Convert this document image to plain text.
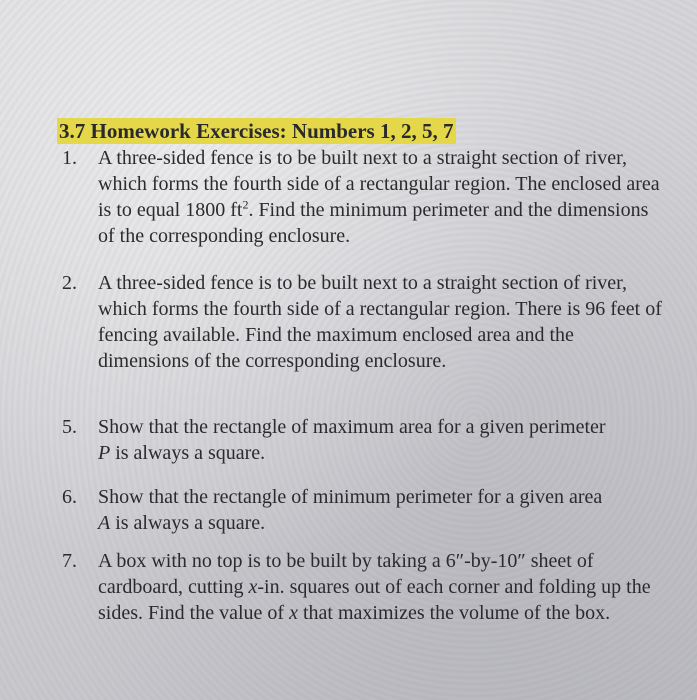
3.7 Homework Exercises: Numbers 1, 2, 5, 7
1.	A three-sided fence is to be built next to a straight section of river, which forms the fourth side of a rectangular region. The enclosed area is to equal 1800 $ft^2$. Find the minimum perimeter and the dimensions of the corresponding enclosure.
2.	A three-sided fence is to be built next to a straight section of river, which forms the fourth side of a rectangular region. There is 96 feet of fencing available. Find the maximum enclosed area and the dimensions of the corresponding enclosure.
5.	Show that the rectangle of maximum area for a given perimeter
P is always a square.
6.	Show that the rectangle of minimum perimeter for a given area
A is always a square.
7.	A box with no top is to be built by taking a 6″-by-10″ sheet of cardboard, cutting x-in. squares out of each corner and folding up the sides. Find the value of x that maximizes the volume of the box.
